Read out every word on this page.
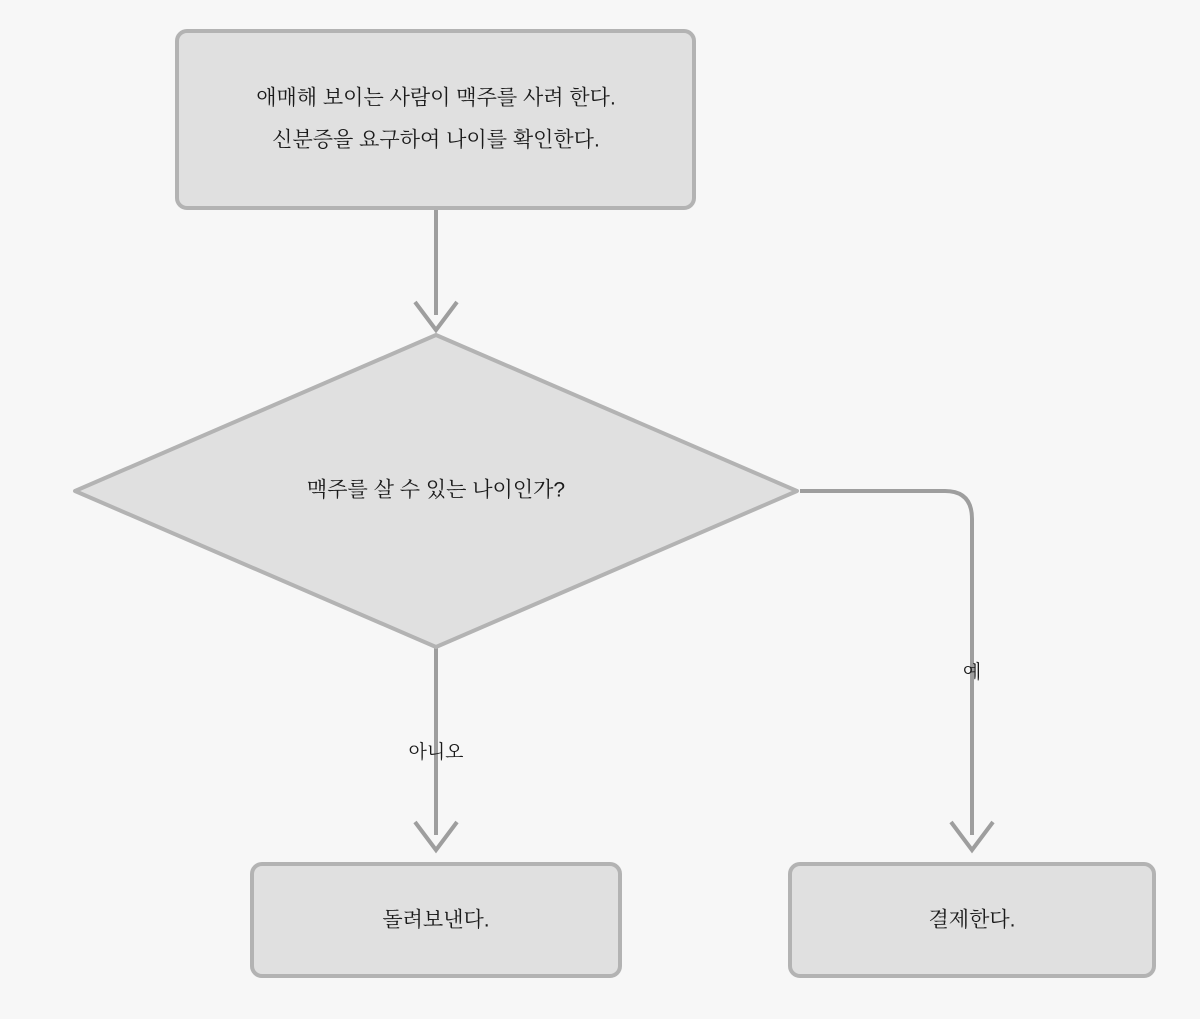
아니오
예
애매해 보이는 사람이 맥주를 사려 한다.
신분증을 요구하여 나이를 확인한다.
맥주를 살 수 있는 나이인가?
돌려보낸다.	결제한다.
